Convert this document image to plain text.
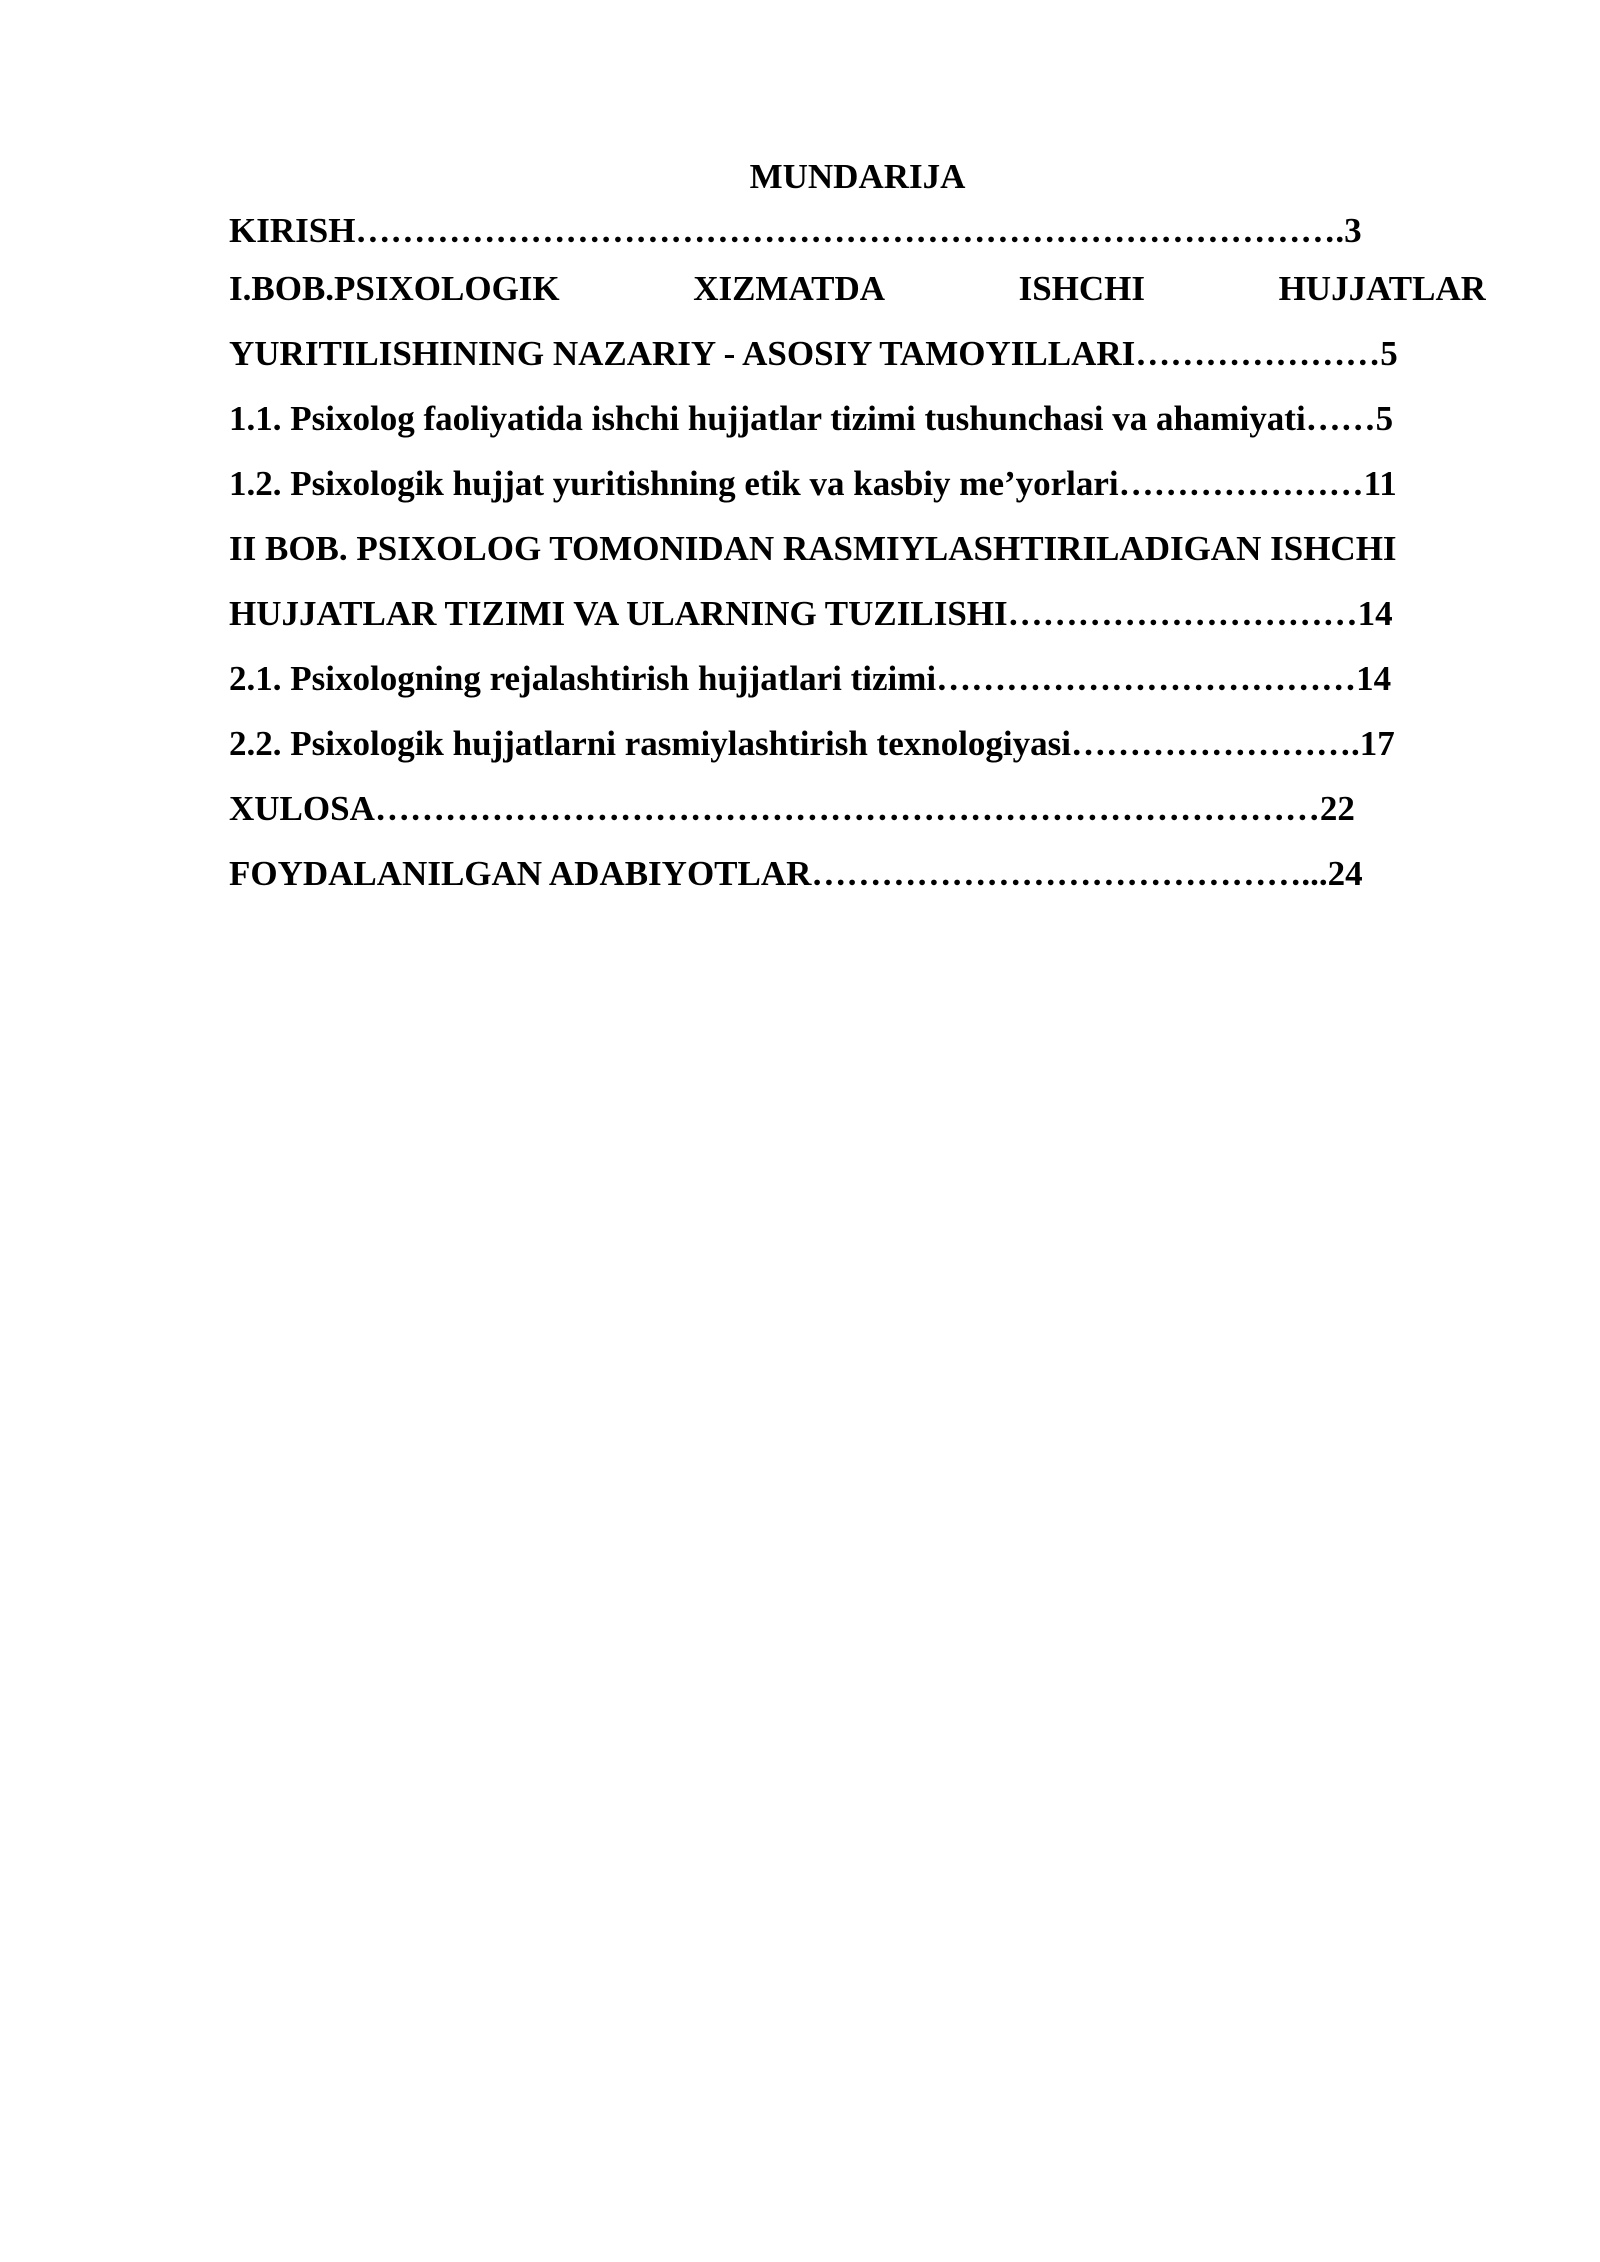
MUNDARIJA
KIRISH………………………………………………………………………….3
I.BOB.PSIXOLOGIK	XIZMATDA	ISHCHI	HUJJATLAR
YURITILISHINING NAZARIY - ASOSIY TAMOYILLARI…………………5
1.1. Psixolog faoliyatida ishchi hujjatlar tizimi tushunchasi va ahamiyati……5
1.2. Psixologik hujjat yuritishning etik va kasbiy me’yorlari…………………11
II BOB. PSIXOLOG TOMONIDAN RASMIYLASHTIRILADIGAN ISHCHI
HUJJATLAR TIZIMI VA ULARNING TUZILISHI…………………………14
2.1. Psixologning rejalashtirish hujjatlari tizimi………………………………14
2.2. Psixologik hujjatlarni rasmiylashtirish texnologiyasi…………………….17
XULOSA………………………………………………………………………22
FOYDALANILGAN ADABIYOTLAR……………………………………...24
